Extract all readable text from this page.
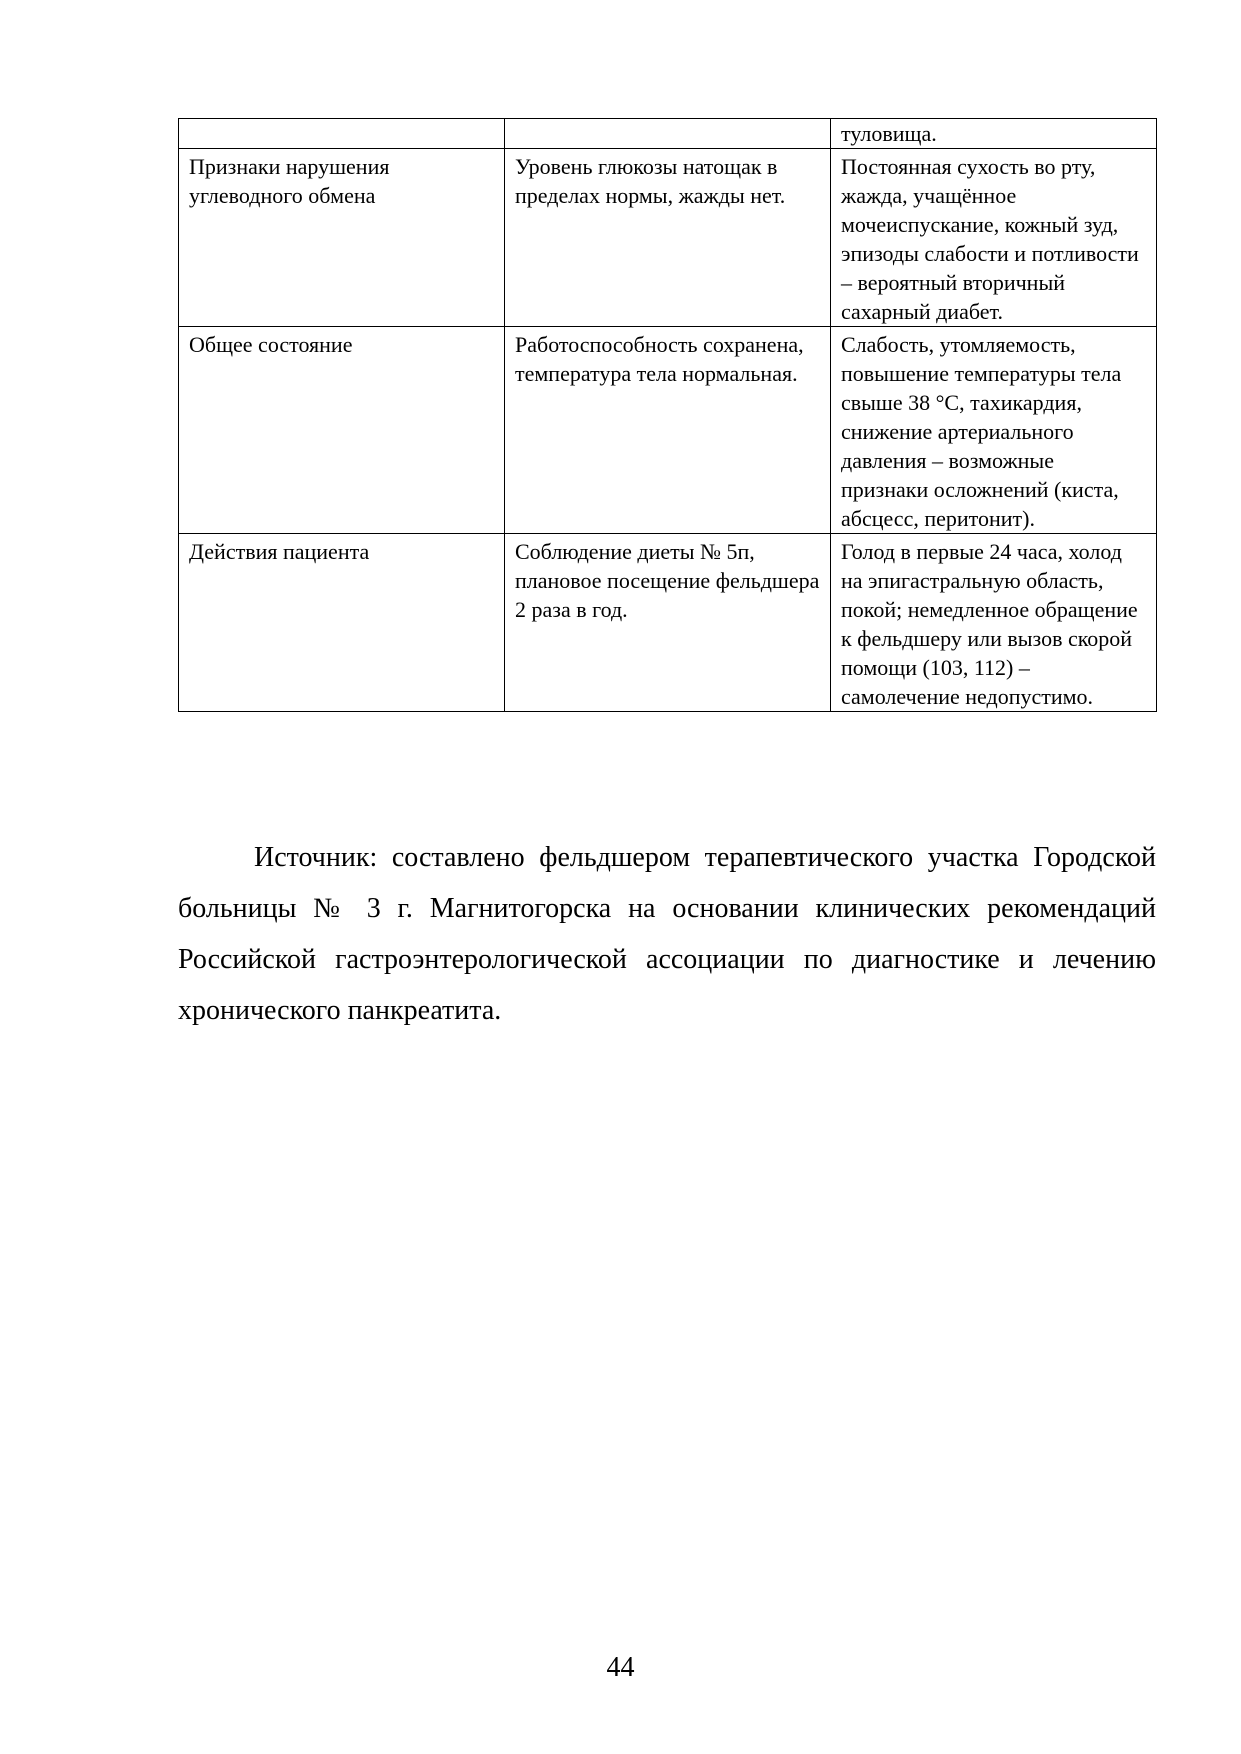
		туловища.
Признаки нарушения углеводного обмена	Уровень глюкозы натощак в пределах нормы, жажды нет.	Постоянная сухость во рту, жажда, учащённое мочеиспускание, кожный зуд, эпизоды слабости и потливости – вероятный вторичный сахарный диабет.
Общее состояние	Работоспособность сохранена, температура тела нормальная.	Слабость, утомляемость, повышение температуры тела свыше 38 °С, тахикардия, снижение артериального давления – возможные признаки осложнений (киста, абсцесс, перитонит).
Действия пациента	Соблюдение диеты № 5п, плановое посещение фельдшера 2 раза в год.	Голод в первые 24 часа, холод на эпигастральную область, покой; немедленное обращение к фельдшеру или вызов скорой помощи (103, 112) – самолечение недопустимо.

Источник: составлено фельдшером терапевтического участка Городской больницы № 3 г. Магнитогорска на основании клинических рекомендаций Российской гастроэнтерологической ассоциации по диагностике и лечению хронического панкреатита.

44
